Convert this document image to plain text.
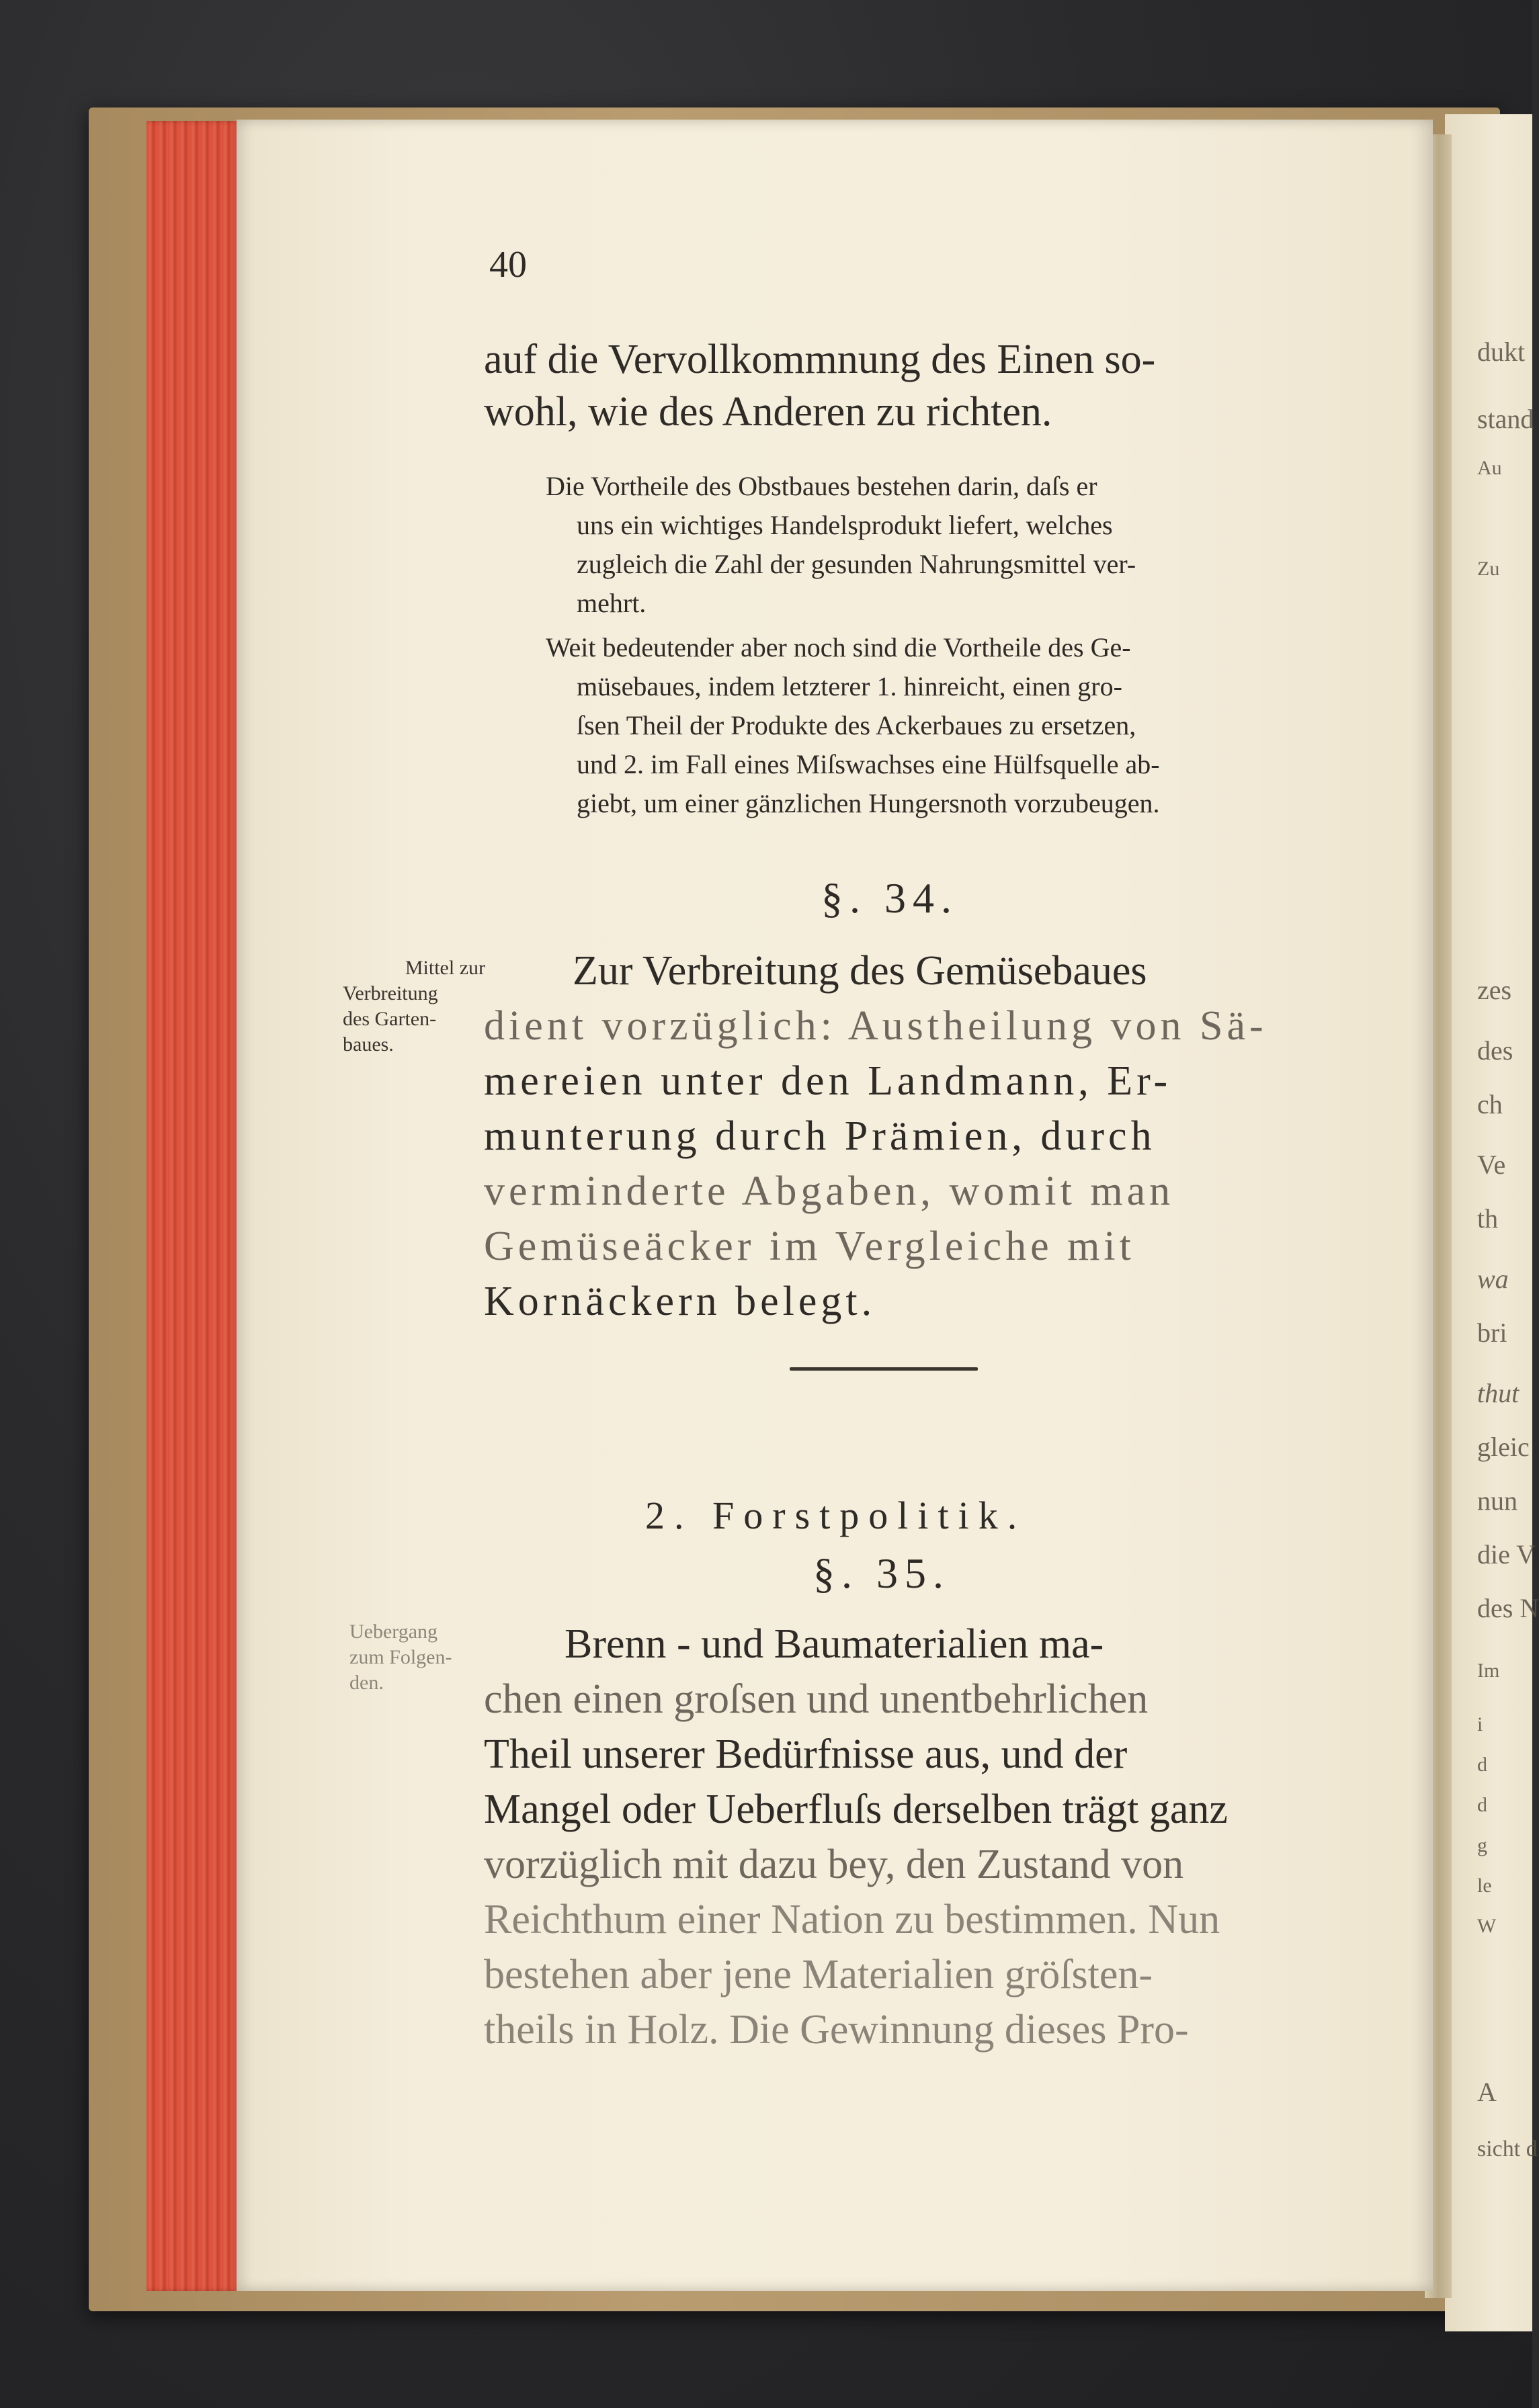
dukt
stand
Au
Zu
zes
des
ch
Ve
th
wa
bri
thut
gleic
nun
die V
des N
Im
i
d
d
g
le
W
A
sicht d
40
auf die Vervollkommnung des Einen so-
wohl, wie des Anderen zu richten.
Die Vortheile des Obstbaues bestehen darin, daſs er
uns ein wichtiges Handelsprodukt liefert, welches
zugleich die Zahl der gesunden Nahrungsmittel ver-
mehrt.
Weit bedeutender aber noch sind die Vortheile des Ge-
müsebaues, indem letzterer 1. hinreicht, einen gro-
ſsen Theil der Produkte des Ackerbaues zu ersetzen,
und 2. im Fall eines Miſswachses eine Hülfsquelle ab-
giebt, um einer gänzlichen Hungersnoth vorzubeugen.
§. 34.
Mittel zur
Verbreitung
des Garten-
baues.
Zur Verbreitung des Gemüsebaues
dient vorzüglich: Austheilung von Sä-
mereien unter den Landmann, Er-
munterung durch Prämien, durch
verminderte Abgaben, womit man
Gemüseäcker im Vergleiche mit
Kornäckern belegt.
2. Forstpolitik.
§. 35.
Uebergang
zum Folgen-
den.
Brenn - und Baumaterialien ma-
chen einen groſsen und unentbehrlichen
Theil unserer Bedürfnisse aus, und der
Mangel oder Ueberfluſs derselben trägt ganz
vorzüglich mit dazu bey, den Zustand von
Reichthum einer Nation zu bestimmen. Nun
bestehen aber jene Materialien gröſsten-
theils in Holz. Die Gewinnung dieses Pro-
